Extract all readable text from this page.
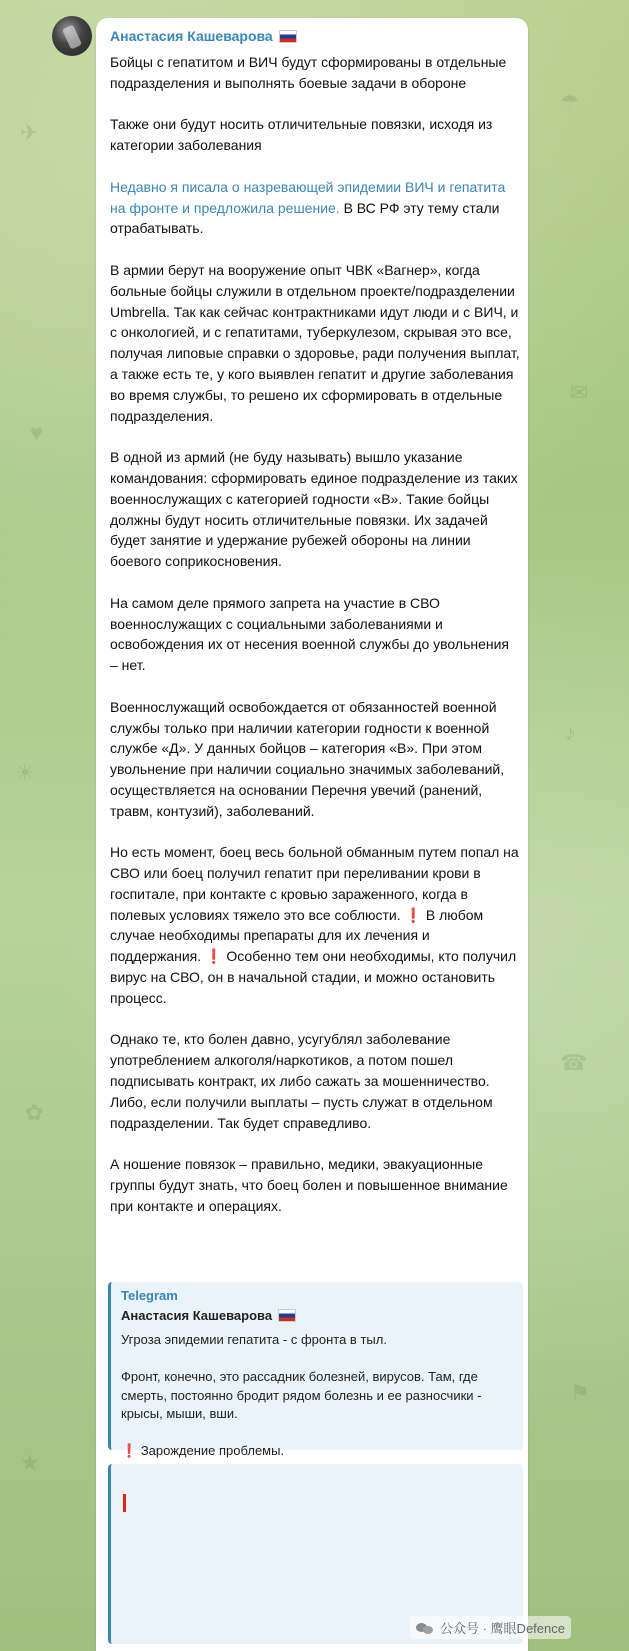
✈
☂
♥
✉
☀
♪
✿
☎
★
⚑
Анастасия Кашеварова

Бойцы с гепатитом и ВИЧ будут сформированы в отдельные подразделения и выполнять боевые задачи в обороне

Также они будут носить отличительные повязки, исходя из категории заболевания

Недавно я писала о назревающей эпидемии ВИЧ и гепатита на фронте и предложила решение. В ВС РФ эту тему стали отрабатывать.

В армии берут на вооружение опыт ЧВК «Вагнер», когда больные бойцы служили в отдельном проекте/подразделении Umbrella. Так как сейчас контрактниками идут люди и с ВИЧ, и с онкологией, и с гепатитами, туберкулезом, скрывая это все, получая липовые справки о здоровье, ради получения выплат, а также есть те, у кого выявлен гепатит и другие заболевания во время службы, то решено их сформировать в отдельные подразделения.

В одной из армий (не буду называть) вышло указание командования: сформировать единое подразделение из таких военнослужащих с категорией годности «В». Такие бойцы должны будут носить отличительные повязки. Их задачей будет занятие и удержание рубежей обороны на линии боевого соприкосновения.

На самом деле прямого запрета на участие в СВО военнослужащих с социальными заболеваниями и освобождения их от несения военной службы до увольнения – нет.

Военнослужащий освобождается от обязанностей военной службы только при наличии категории годности к военной службе «Д». У данных бойцов – категория «В». При этом увольнение при наличии социально значимых заболеваний, осуществляется на основании Перечня увечий (ранений, травм, контузий), заболеваний.

Но есть момент, боец весь больной обманным путем попал на СВО или боец получил гепатит при переливании крови в госпитале, при контакте с кровью зараженного, когда в полевых условиях тяжело это все соблюсти. ❗ В любом случае необходимы препараты для их лечения и поддержания. ❗ Особенно тем они необходимы, кто получил вирус на СВО, он в начальной стадии, и можно остановить процесс.

Однако те, кто болен давно, усугублял заболевание употреблением алкоголя/наркотиков, а потом пошел подписывать контракт, их либо сажать за мошенничество. Либо, если получили выплаты – пусть служат в отдельном подразделении. Так будет справедливо.

А ношение повязок – правильно, медики, эвакуационные группы будут знать, что боец болен и повышенное внимание при контакте и операциях.

Telegram
Анастасия Кашеварова

Угроза эпидемии гепатита - с фронта в тыл.

Фронт, конечно, это рассадник болезней, вирусов. Там, где смерть, постоянно бродит рядом болезнь и ее разносчики - крысы, мыши, вши.

❗ Зарождение проблемы.
公众号 · 鹰眼Defence
